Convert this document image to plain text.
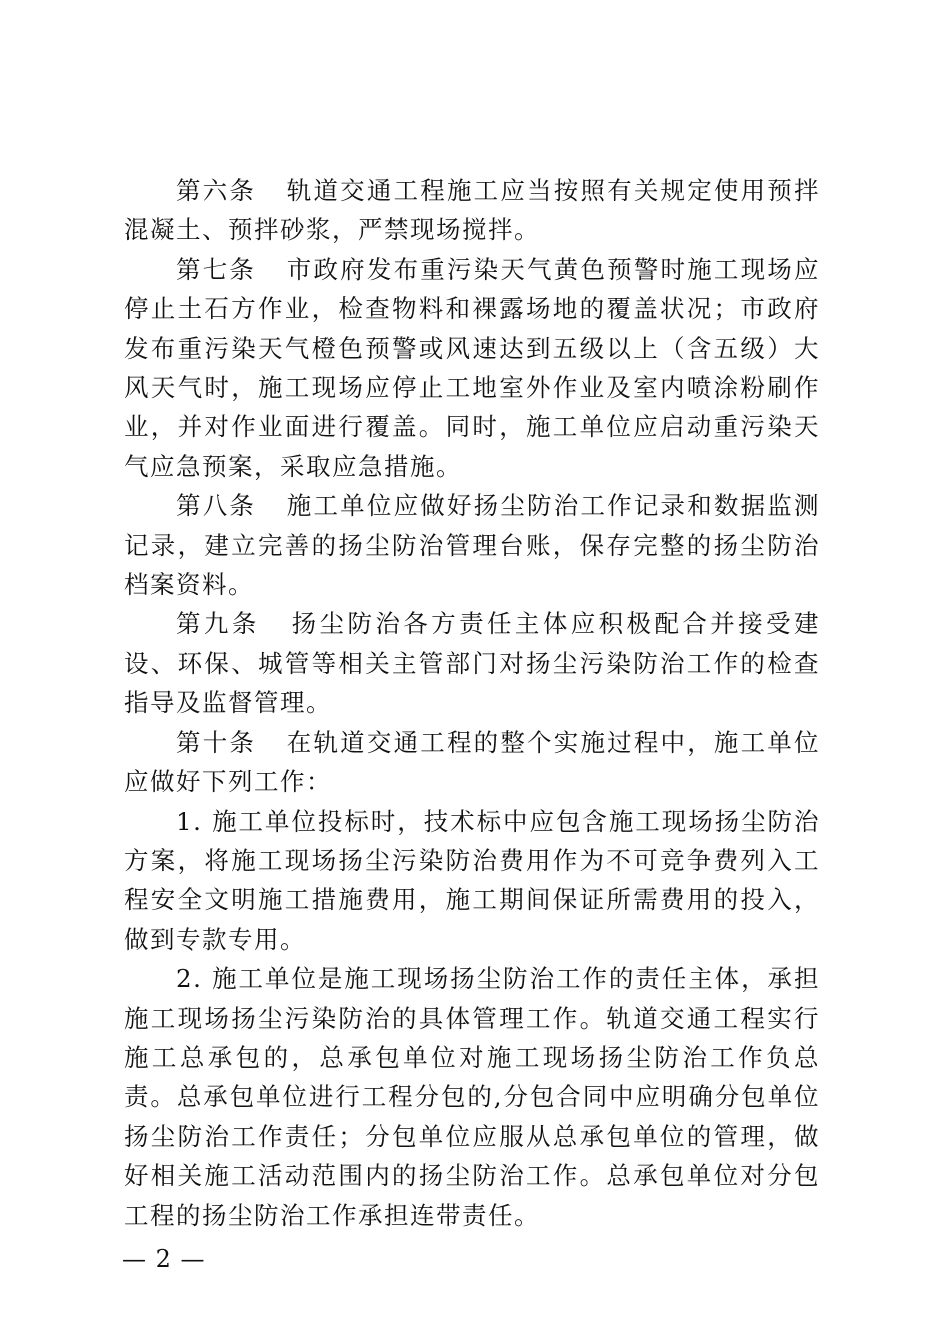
第六条 轨道交通工程施工应当按照有关规定使用预拌混凝土、预拌砂浆，严禁现场搅拌。

第七条 市政府发布重污染天气黄色预警时施工现场应停止土石方作业，检查物料和裸露场地的覆盖状况；市政府发布重污染天气橙色预警或风速达到五级以上（含五级）大风天气时，施工现场应停止工地室外作业及室内喷涂粉刷作业，并对作业面进行覆盖。同时，施工单位应启动重污染天气应急预案，采取应急措施。

第八条 施工单位应做好扬尘防治工作记录和数据监测记录，建立完善的扬尘防治管理台账，保存完整的扬尘防治档案资料。

第九条 扬尘防治各方责任主体应积极配合并接受建设、环保、城管等相关主管部门对扬尘污染防治工作的检查指导及监督管理。

第十条 在轨道交通工程的整个实施过程中，施工单位应做好下列工作：

1. 施工单位投标时，技术标中应包含施工现场扬尘防治方案，将施工现场扬尘污染防治费用作为不可竞争费列入工程安全文明施工措施费用，施工期间保证所需费用的投入，做到专款专用。

2. 施工单位是施工现场扬尘防治工作的责任主体，承担施工现场扬尘污染防治的具体管理工作。轨道交通工程实行施工总承包的，总承包单位对施工现场扬尘防治工作负总责。总承包单位进行工程分包的,分包合同中应明确分包单位扬尘防治工作责任；分包单位应服从总承包单位的管理，做好相关施工活动范围内的扬尘防治工作。总承包单位对分包工程的扬尘防治工作承担连带责任。

— 2 —
